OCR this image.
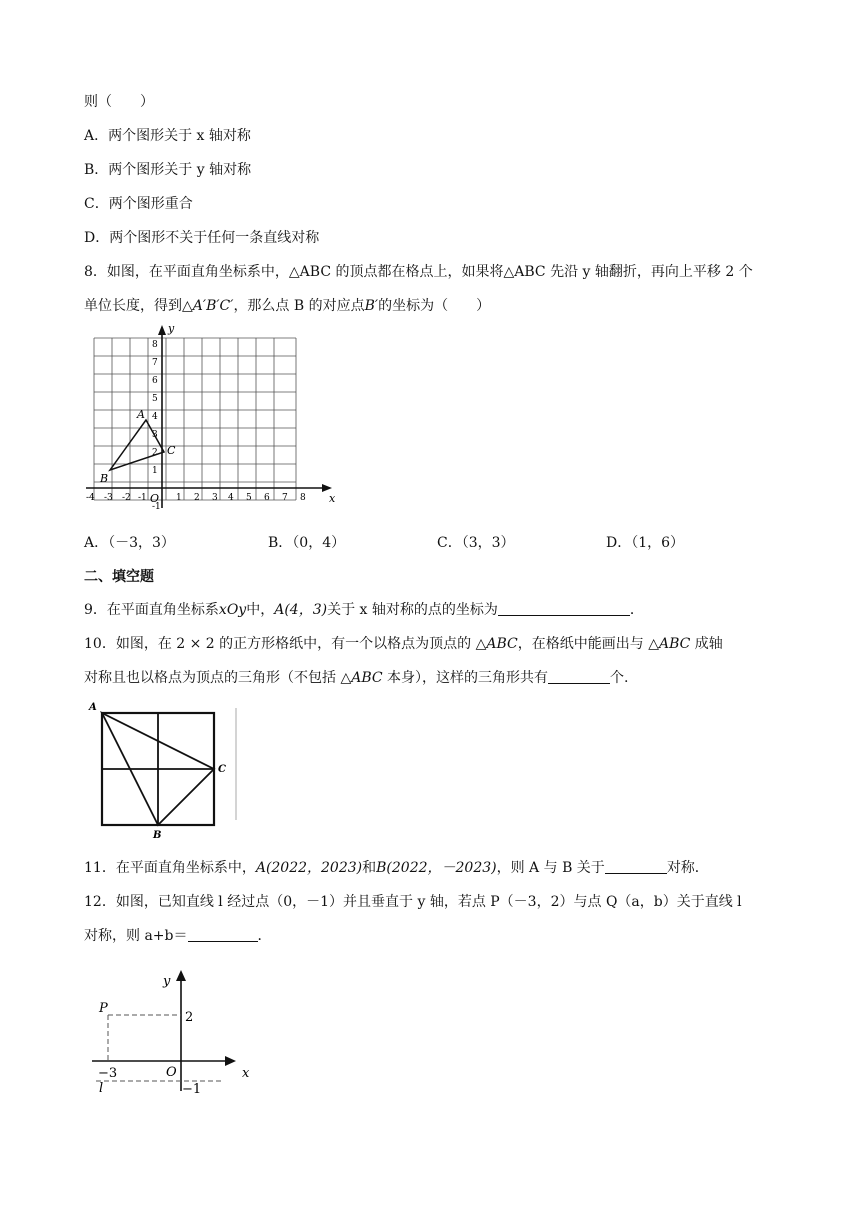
则（　　）
A．两个图形关于 x 轴对称
B．两个图形关于 y 轴对称
C．两个图形重合
D．两个图形不关于任何一条直线对称
8．如图，在平面直角坐标系中，△ABC 的顶点都在格点上，如果将△ABC 先沿 y 轴翻折，再向上平移 2 个
单位长度，得到△A′B′C′，那么点 B 的对应点B′的坐标为（　　）
x
y
O
-4 -3 -2 -1	1 2 3 4 5 6 7 8
-1
1
2
3
4
5
6
7
8
A
B
C
A．（－3，3）	B．（0，4）	C．（3，3）	D．（1，6）
二、填空题
9．在平面直角坐标系xOy中，A(4，3)关于 x 轴对称的点的坐标为	．
10．如图，在 2 × 2 的正方形格纸中，有一个以格点为顶点的 △ABC，在格纸中能画出与 △ABC 成轴
对称且也以格点为顶点的三角形（不包括 △ABC 本身），这样的三角形共有	个.
A
B
C
11．在平面直角坐标系中，A(2022，2023)和B(2022，－2023)，则 A 与 B 关于	对称．
12．如图，已知直线 l 经过点（0，－1）并且垂直于 y 轴，若点 P（－3，2）与点 Q（a，b）关于直线 l
对称，则 a+b＝	．
x
y
O
P
2
−3
−1
l
